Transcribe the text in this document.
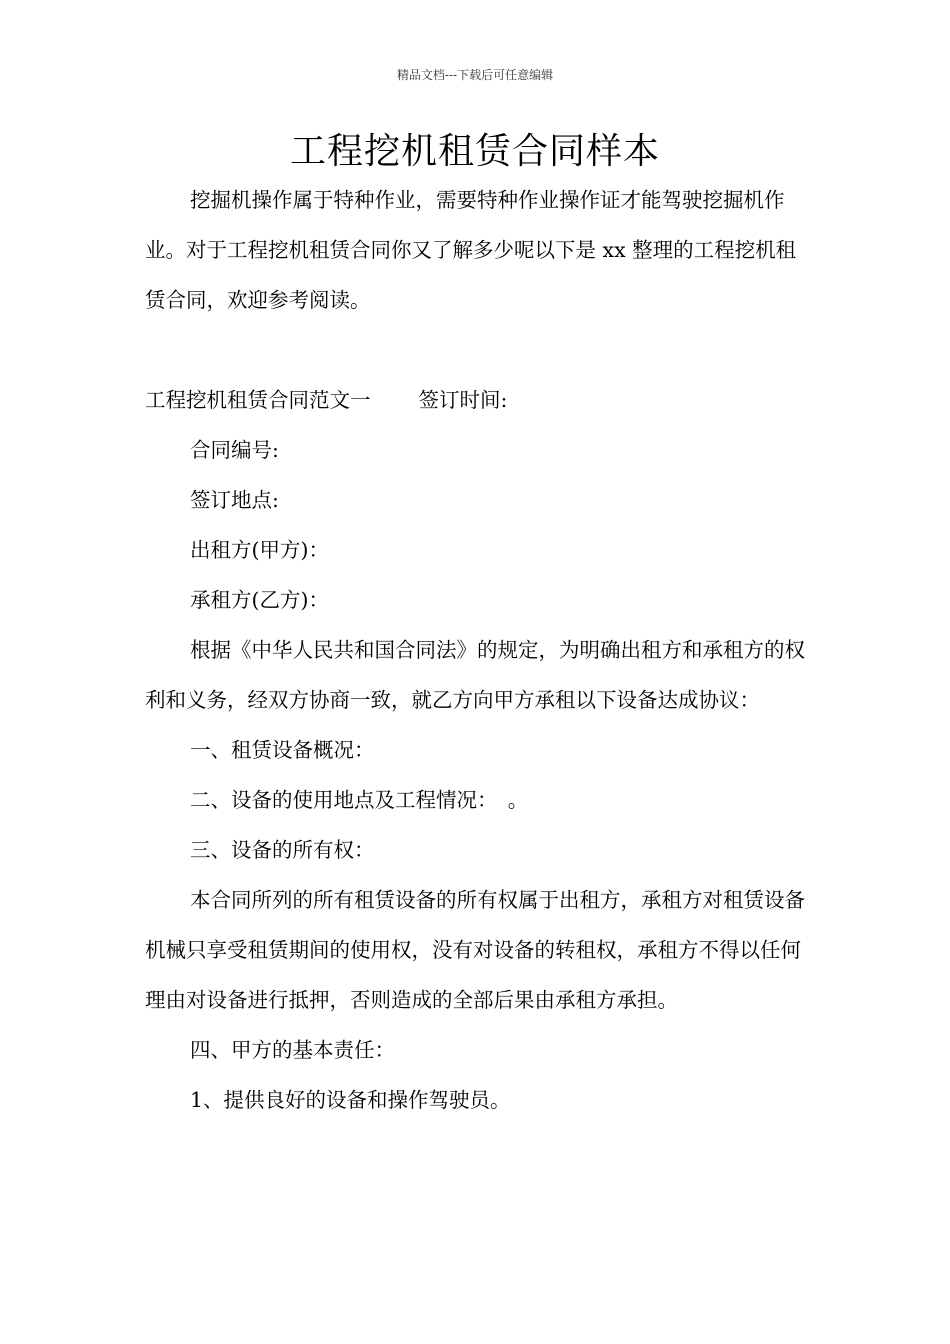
精品文档---下载后可任意编辑
工程挖机租赁合同样本

挖掘机操作属于特种作业，需要特种作业操作证才能驾驶挖掘机作业。对于工程挖机租赁合同你又了解多少呢以下是 xx 整理的工程挖机租赁合同，欢迎参考阅读。

工程挖机租赁合同范文一 签订时间:

合同编号:

签订地点:

出租方(甲方)：

承租方(乙方)：

根据《中华人民共和国合同法》的规定，为明确出租方和承租方的权利和义务，经双方协商一致，就乙方向甲方承租以下设备达成协议：

一、租赁设备概况：

二、设备的使用地点及工程情况：　。

三、设备的所有权：

本合同所列的所有租赁设备的所有权属于出租方，承租方对租赁设备机械只享受租赁期间的使用权，没有对设备的转租权，承租方不得以任何理由对设备进行抵押，否则造成的全部后果由承租方承担。

四、甲方的基本责任：

1、提供良好的设备和操作驾驶员。
